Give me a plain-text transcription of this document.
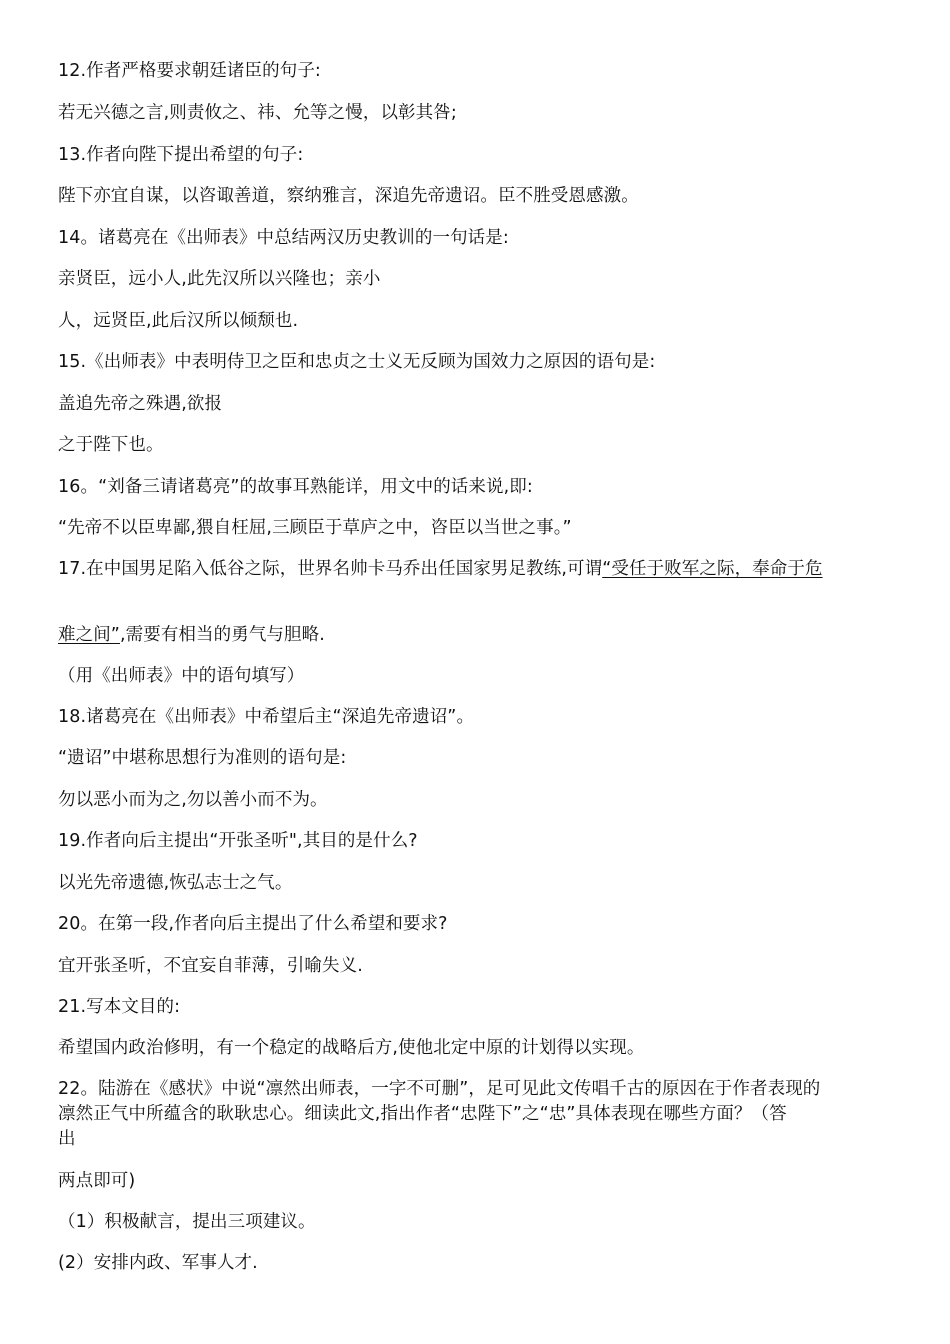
12.作者严格要求朝廷诸臣的句子:
若无兴德之言,则责攸之、祎、允等之慢，以彰其咎;
13.作者向陛下提出希望的句子:
陛下亦宜自谋，以咨诹善道，察纳雅言，深追先帝遗诏。臣不胜受恩感激。
14。诸葛亮在《出师表》中总结两汉历史教训的一句话是:
亲贤臣，远小人,此先汉所以兴隆也；亲小
人，远贤臣,此后汉所以倾颓也.
15.《出师表》中表明侍卫之臣和忠贞之士义无反顾为国效力之原因的语句是:
盖追先帝之殊遇,欲报
之于陛下也。
16。“刘备三请诸葛亮”的故事耳熟能详，用文中的话来说,即:
“先帝不以臣卑鄙,猥自枉屈,三顾臣于草庐之中，咨臣以当世之事。”
17.在中国男足陷入低谷之际，世界名帅卡马乔出任国家男足教练,可谓“受任于败军之际，奉命于危
难之间”,需要有相当的勇气与胆略.
（用《出师表》中的语句填写）
18.诸葛亮在《出师表》中希望后主“深追先帝遗诏”。
“遗诏”中堪称思想行为准则的语句是:
勿以恶小而为之,勿以善小而不为。
19.作者向后主提出“开张圣听",其目的是什么?
以光先帝遗德,恢弘志士之气。
20。在第一段,作者向后主提出了什么希望和要求?
宜开张圣听，不宜妄自菲薄，引喻失义.
21.写本文目的:
希望国内政治修明，有一个稳定的战略后方,使他北定中原的计划得以实现。
22。陆游在《感状》中说“凛然出师表，一字不可删”，足可见此文传唱千古的原因在于作者表现的
凛然正气中所蕴含的耿耿忠心。细读此文,指出作者“忠陛下”之“忠”具体表现在哪些方面？（答
出
两点即可)
（1）积极献言，提出三项建议。
(2）安排内政、军事人才.
